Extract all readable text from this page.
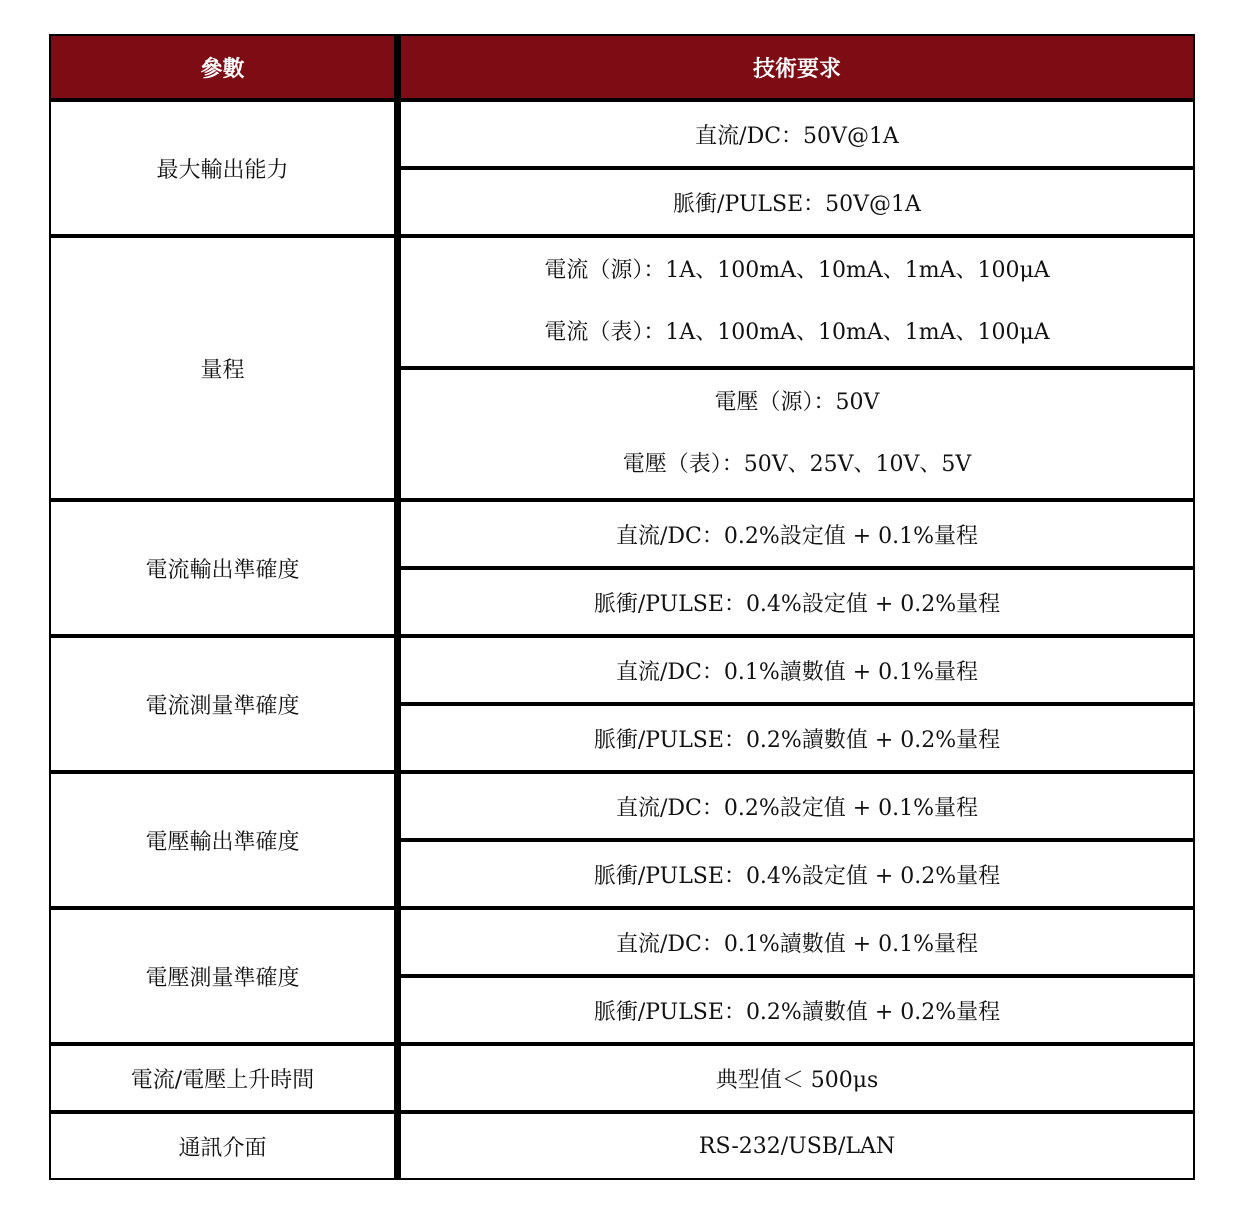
參數	技術要求
最大輸出能力	直流/DC：50V@1A

	脈衝/PULSE：50V@1A

量程	電流（源）：1A、100mA、10mA、1mA、100μA
電流（表）：1A、100mA、10mA、1mA、100μA

	電壓（源）：50V
電壓（表）：50V、25V、10V、5V

電流輸出準確度	直流/DC：0.2%設定值 + 0.1%量程

	脈衝/PULSE：0.4%設定值 + 0.2%量程

電流測量準確度	直流/DC：0.1%讀數值 + 0.1%量程

	脈衝/PULSE：0.2%讀數值 + 0.2%量程

電壓輸出準確度	直流/DC：0.2%設定值 + 0.1%量程

	脈衝/PULSE：0.4%設定值 + 0.2%量程

電壓測量準確度	直流/DC：0.1%讀數值 + 0.1%量程

	脈衝/PULSE：0.2%讀數值 + 0.2%量程

電流/電壓上升時間	典型值＜ 500μs

通訊介面	RS-232/USB/LAN
